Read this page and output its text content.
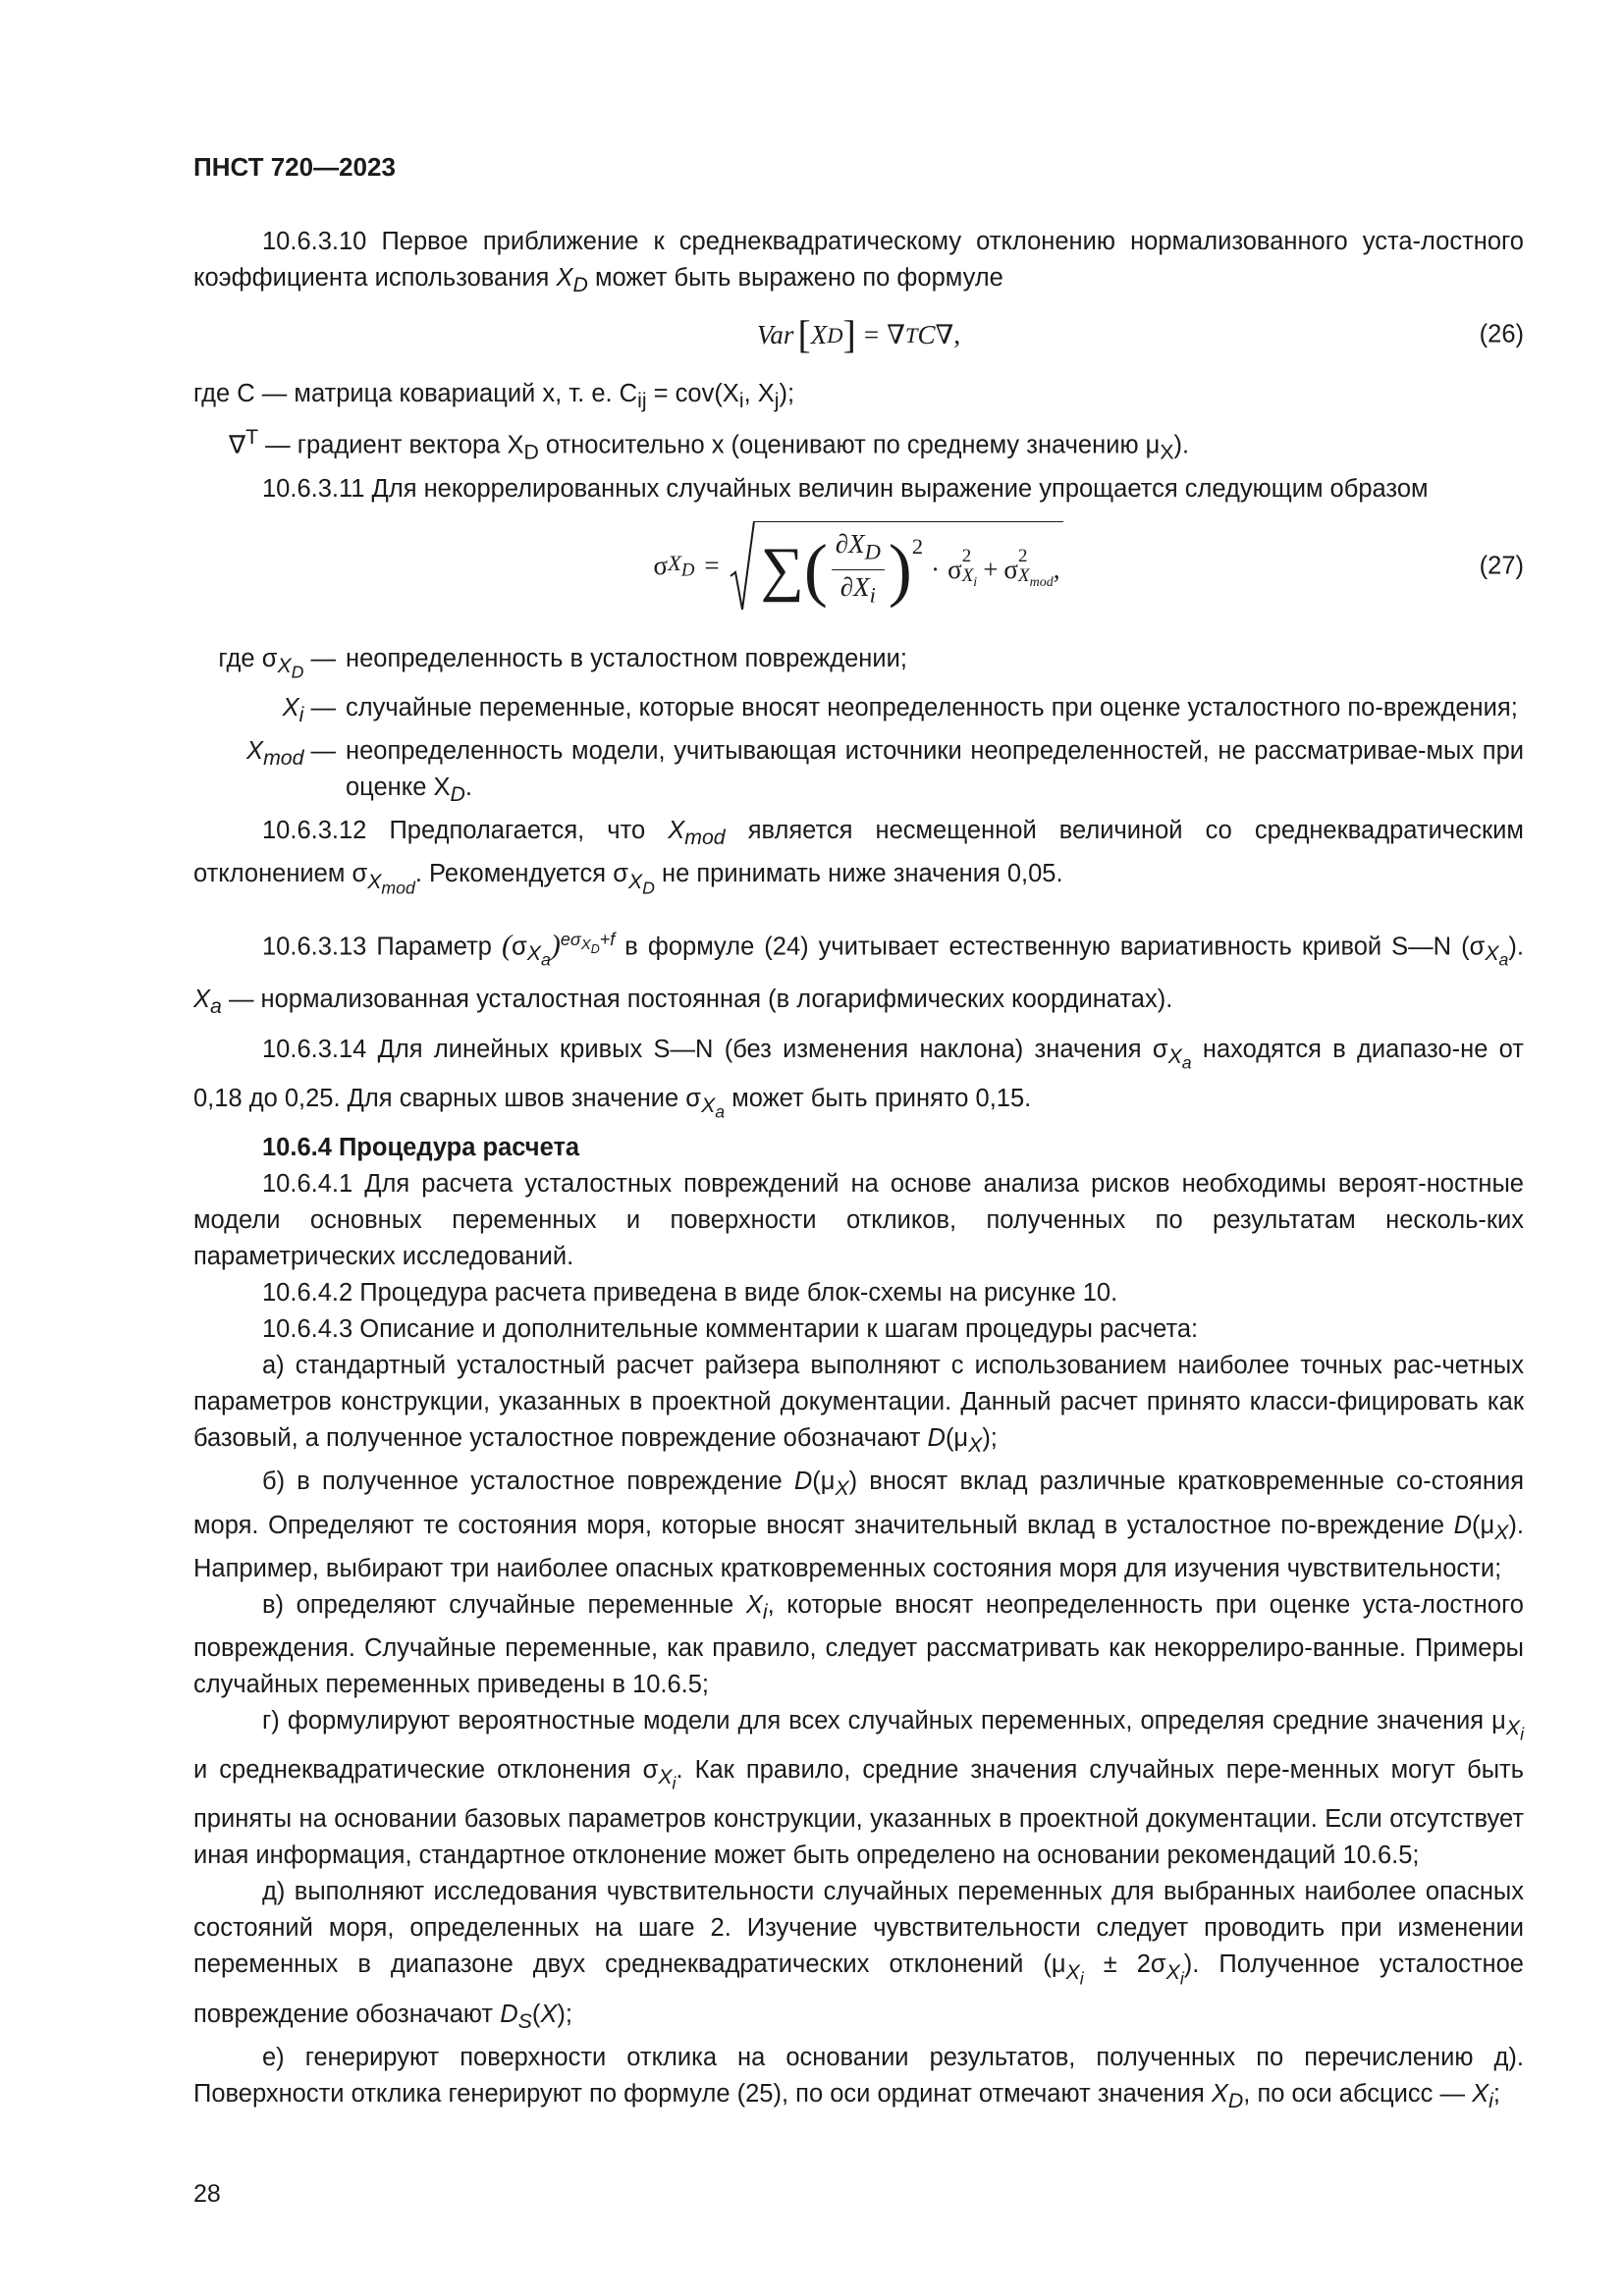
ПНСТ 720—2023

10.6.3.10 Первое приближение к среднеквадратическому отклонению нормализованного уста-лостного коэффициента использования $X_D$ может быть выражено по формуле

Var [ X D ] = ∇ T C ∇,	(26)

где C — матрица ковариаций x, т. е. $C_{ij} = cov(X_i$, $X_j$);

∇$^T$ — градиент вектора $X_D$ относительно x (оценивают по среднему значению $\mu_X$).

10.6.3.11 Для некоррелированных случайных величин выражение упрощается следующим образом

σ $X_D$ = ∑ ( $\frac{\partial X_D}{\partial X_i} )^2$
· σ 2
$X_i + \sigma$ 2
$X_{mod}$ ,	(27)
где $\sigma_{X_D}$ — неопределенность в усталостном повреждении;
$X_i$ — случайные переменные, которые вносят неопределенность при оценке усталостного по-вреждения;
$X_{mod}$ — неопределенность модели, учитывающая источники неопределенностей, не рассматривае-мых при оценке $X_D$.

10.6.3.12 Предполагается, что $X_{mod}$ является несмещенной величиной со среднеквадратическим отклонением $\sigma_{X_{mod}}$. Рекомендуется $\sigma_{X_D}$ не принимать ниже значения 0,05.

10.6.3.13 Параметр $(\sigma_{X_a})^{e\sigma_{X_D}+f}$ в формуле (24) учитывает естественную вариативность кривой S—N $(\sigma_{X_a})$. $X_a$ — нормализованная усталостная постоянная (в логарифмических координатах).

10.6.3.14 Для линейных кривых S—N (без изменения наклона) значения $\sigma_{X_a}$ находятся в диапазо-не от 0,18 до 0,25. Для сварных швов значение $\sigma_{X_a}$ может быть принято 0,15.

10.6.4 Процедура расчета

10.6.4.1 Для расчета усталостных повреждений на основе анализа рисков необходимы вероят-ностные модели основных переменных и поверхности откликов, полученных по результатам несколь-ких параметрических исследований.

10.6.4.2 Процедура расчета приведена в виде блок-схемы на рисунке 10.

10.6.4.3 Описание и дополнительные комментарии к шагам процедуры расчета:

а) стандартный усталостный расчет райзера выполняют с использованием наиболее точных рас-четных параметров конструкции, указанных в проектной документации. Данный расчет принято класси-фицировать как базовый, а полученное усталостное повреждение обозначают $D(\mu_X)$;

б) в полученное усталостное повреждение $D(\mu_X)$ вносят вклад различные кратковременные со-стояния моря. Определяют те состояния моря, которые вносят значительный вклад в усталостное по-вреждение $D(\mu_X)$. Например, выбирают три наиболее опасных кратковременных состояния моря для изучения чувствительности;

в) определяют случайные переменные $X_i$, которые вносят неопределенность при оценке уста-лостного повреждения. Случайные переменные, как правило, следует рассматривать как некоррелиро-ванные. Примеры случайных переменных приведены в 10.6.5;

г) формулируют вероятностные модели для всех случайных переменных, определяя средние значения $\mu_{X_i}$ и среднеквадратические отклонения $\sigma_{X_i}$. Как правило, средние значения случайных пере-менных могут быть приняты на основании базовых параметров конструкции, указанных в проектной документации. Если отсутствует иная информация, стандартное отклонение может быть определено на основании рекомендаций 10.6.5;

д) выполняют исследования чувствительности случайных переменных для выбранных наиболее опасных состояний моря, определенных на шаге 2. Изучение чувствительности следует проводить при изменении переменных в диапазоне двух среднеквадратических отклонений $(\mu_{X_i} \pm 2\sigma_{X_i})$. Полученное усталостное повреждение обозначают $D_S(X)$;

е) генерируют поверхности отклика на основании результатов, полученных по перечислению д). Поверхности отклика генерируют по формуле (25), по оси ординат отмечают значения $X_D$, по оси абсцисс — $X_i$;

28
